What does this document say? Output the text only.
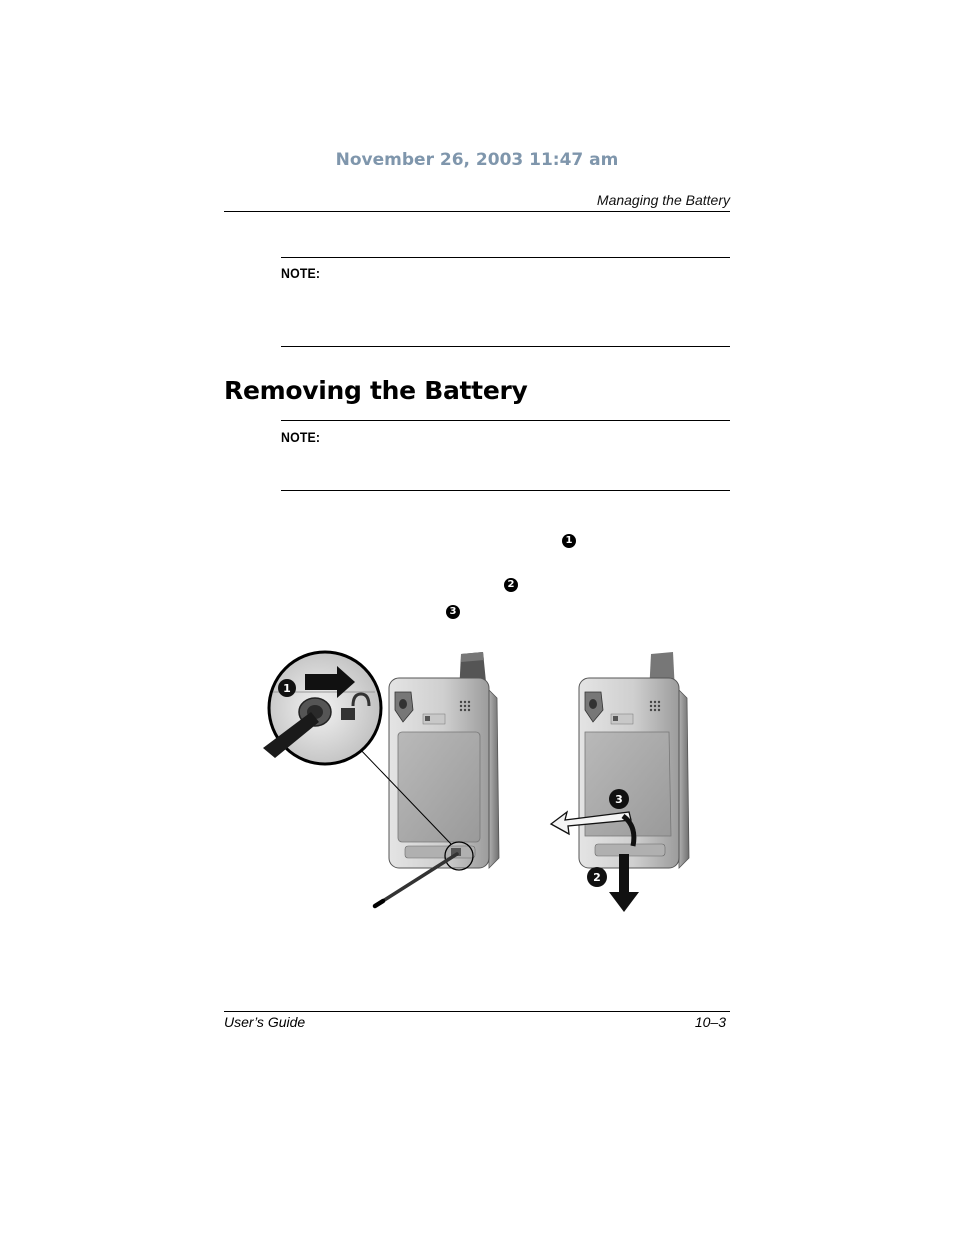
November 26, 2003 11:47 am
Managing the Battery
NOTE:
Removing the Battery
NOTE:
1
2
3
1
3
2
User’s Guide	10–3
